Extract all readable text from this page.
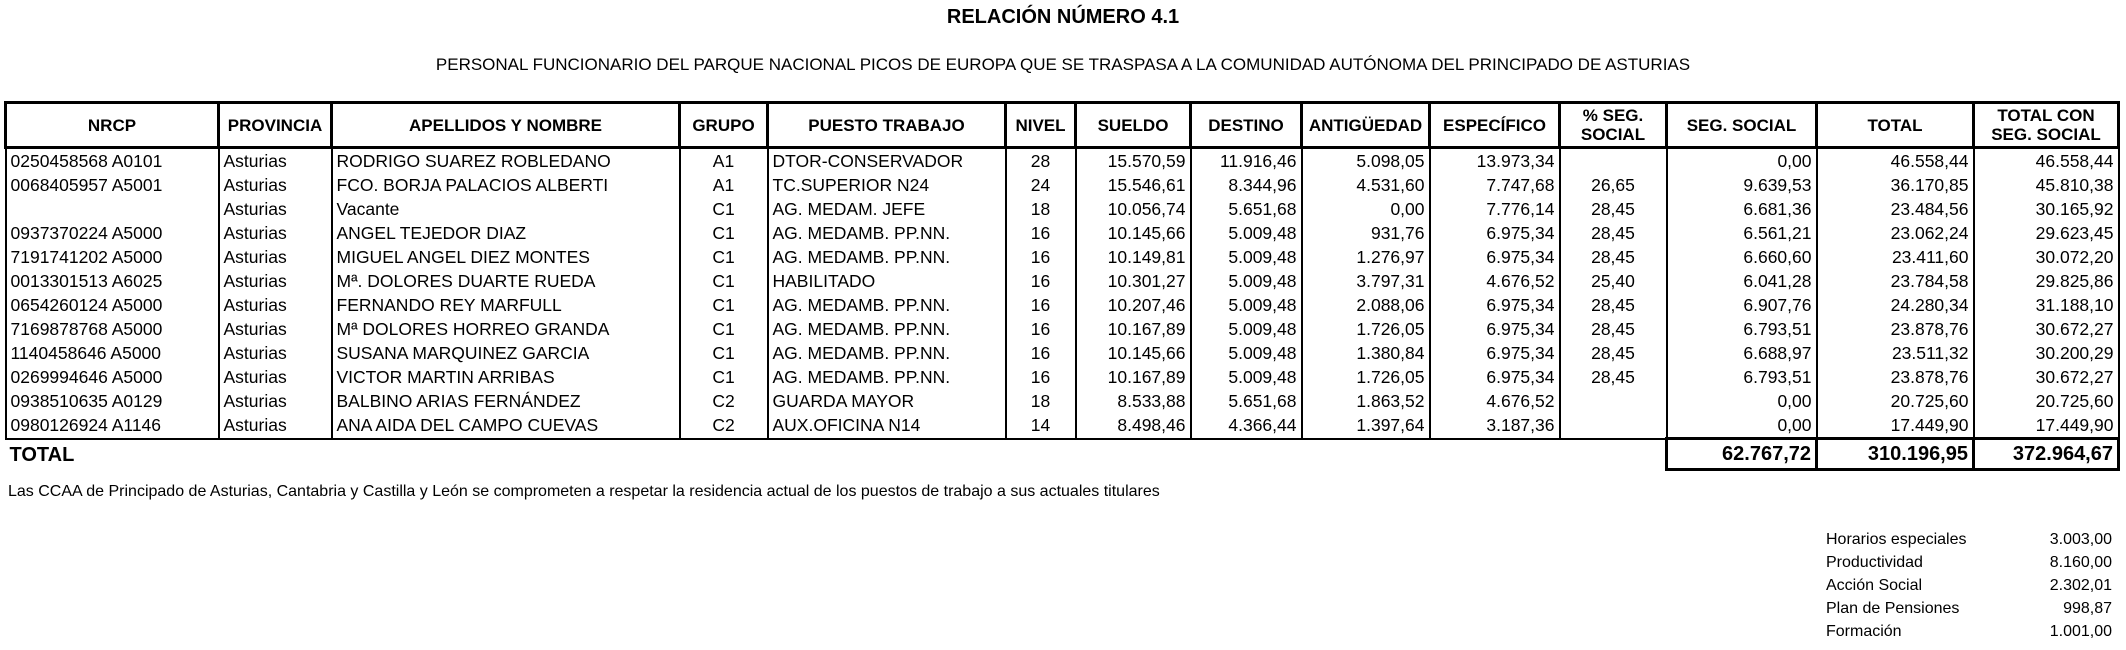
RELACIÓN NÚMERO 4.1
PERSONAL FUNCIONARIO DEL PARQUE NACIONAL PICOS DE EUROPA QUE SE TRASPASA A LA COMUNIDAD AUTÓNOMA DEL PRINCIPADO DE ASTURIAS
NRCP	PROVINCIA	APELLIDOS Y NOMBRE	GRUPO	PUESTO TRABAJO	NIVEL	SUELDO	DESTINO	ANTIGÜEDAD	ESPECÍFICO	% SEG. SOCIAL	SEG. SOCIAL	TOTAL	TOTAL CON SEG. SOCIAL
0250458568 A0101	Asturias	RODRIGO SUAREZ ROBLEDANO	A1	DTOR-CONSERVADOR	28	15.570,59	11.916,46	5.098,05	13.973,34		0,00	46.558,44	46.558,44
0068405957 A5001	Asturias	FCO. BORJA PALACIOS ALBERTI	A1	TC.SUPERIOR N24	24	15.546,61	8.344,96	4.531,60	7.747,68	26,65	9.639,53	36.170,85	45.810,38
	Asturias	Vacante	C1	AG. MEDAM. JEFE	18	10.056,74	5.651,68	0,00	7.776,14	28,45	6.681,36	23.484,56	30.165,92
0937370224 A5000	Asturias	ANGEL TEJEDOR DIAZ	C1	AG. MEDAMB. PP.NN.	16	10.145,66	5.009,48	931,76	6.975,34	28,45	6.561,21	23.062,24	29.623,45
7191741202 A5000	Asturias	MIGUEL ANGEL DIEZ MONTES	C1	AG. MEDAMB. PP.NN.	16	10.149,81	5.009,48	1.276,97	6.975,34	28,45	6.660,60	23.411,60	30.072,20
0013301513 A6025	Asturias	Mª. DOLORES DUARTE RUEDA	C1	HABILITADO	16	10.301,27	5.009,48	3.797,31	4.676,52	25,40	6.041,28	23.784,58	29.825,86
0654260124 A5000	Asturias	FERNANDO REY MARFULL	C1	AG. MEDAMB. PP.NN.	16	10.207,46	5.009,48	2.088,06	6.975,34	28,45	6.907,76	24.280,34	31.188,10
7169878768 A5000	Asturias	Mª DOLORES HORREO GRANDA	C1	AG. MEDAMB. PP.NN.	16	10.167,89	5.009,48	1.726,05	6.975,34	28,45	6.793,51	23.878,76	30.672,27
1140458646 A5000	Asturias	SUSANA MARQUINEZ GARCIA	C1	AG. MEDAMB. PP.NN.	16	10.145,66	5.009,48	1.380,84	6.975,34	28,45	6.688,97	23.511,32	30.200,29
0269994646 A5000	Asturias	VICTOR MARTIN ARRIBAS	C1	AG. MEDAMB. PP.NN.	16	10.167,89	5.009,48	1.726,05	6.975,34	28,45	6.793,51	23.878,76	30.672,27
0938510635 A0129	Asturias	BALBINO ARIAS FERNÁNDEZ	C2	GUARDA MAYOR	18	8.533,88	5.651,68	1.863,52	4.676,52		0,00	20.725,60	20.725,60
0980126924 A1146	Asturias	ANA AIDA DEL CAMPO CUEVAS	C2	AUX.OFICINA N14	14	8.498,46	4.366,44	1.397,64	3.187,36		0,00	17.449,90	17.449,90
TOTAL											62.767,72	310.196,95	372.964,67
Las CCAA de Principado de Asturias, Cantabria y Castilla y León se comprometen a respetar la residencia actual de los puestos de trabajo a sus actuales titulares
Horarios especiales	3.003,00
Productividad	8.160,00
Acción Social	2.302,01
Plan de Pensiones	998,87
Formación	1.001,00
